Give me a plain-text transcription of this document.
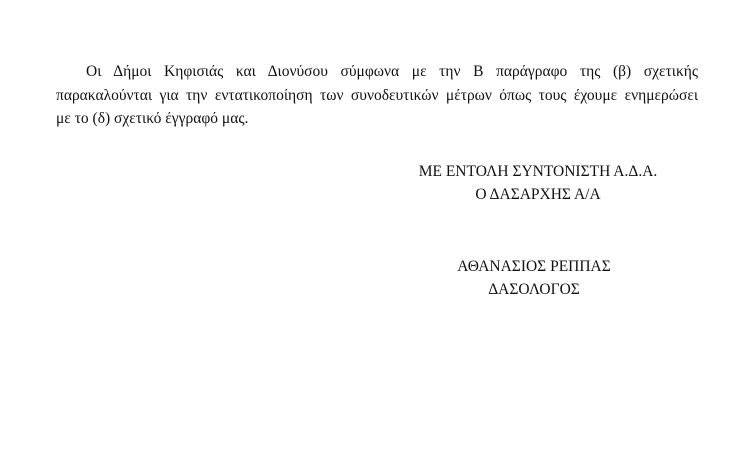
Οι Δήμοι Κηφισιάς και Διονύσου σύμφωνα με την Β παράγραφο της (β) σχετικής
παρακαλούνται για την εντατικοποίηση των συνοδευτικών μέτρων όπως τους έχουμε ενημερώσει
με το (δ) σχετικό έγγραφό μας.
ΜΕ ΕΝΤΟΛΗ ΣΥΝΤΟΝΙΣΤΗ Α.Δ.Α.
Ο ΔΑΣΑΡΧΗΣ Α/Α
ΑΘΑΝΑΣΙΟΣ ΡΕΠΠΑΣ
ΔΑΣΟΛΟΓΟΣ
